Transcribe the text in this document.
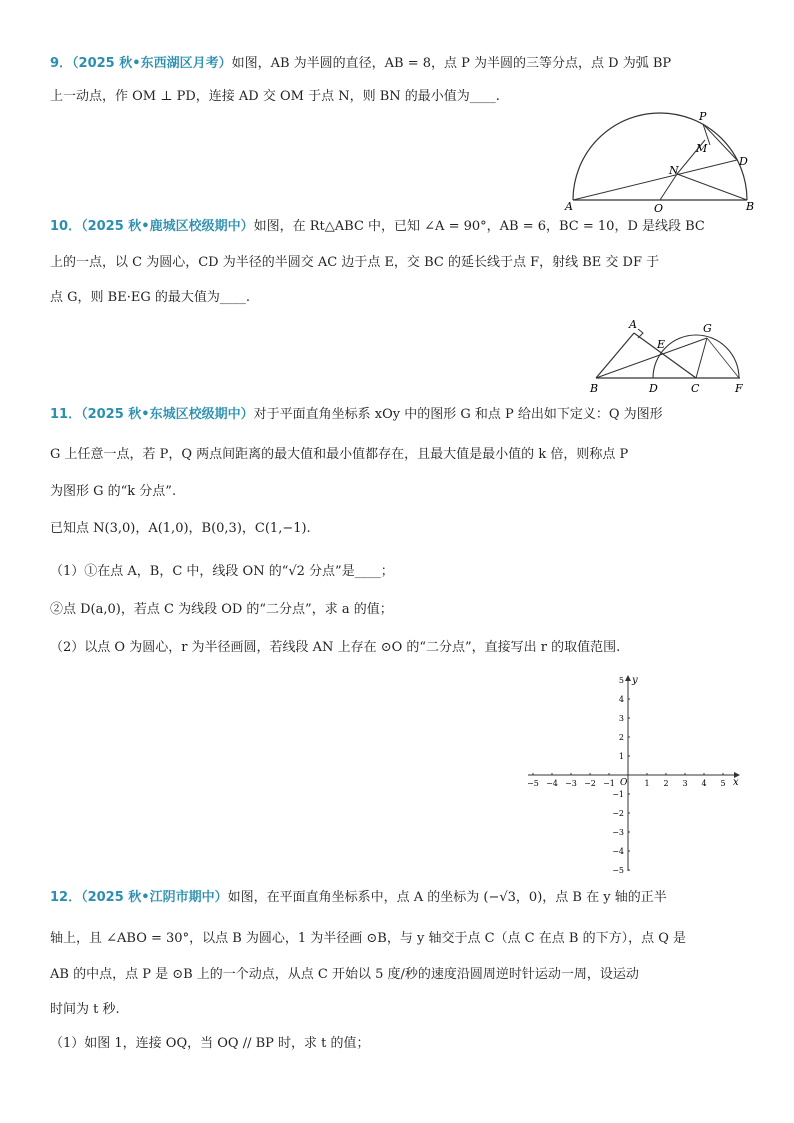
9．（2025 秋•东西湖区月考）如图，AB 为半圆的直径，AB = 8，点 P 为半圆的三等分点，点 D 为弧 BP
上一动点，作 OM ⊥ PD，连接 AD 交 OM 于点 N，则 BN 的最小值为____.
A	B
O
P
M
N
D
10．（2025 秋•鹿城区校级期中）如图，在 Rt△ABC 中，已知 ∠A = 90°，AB = 6，BC = 10，D 是线段 BC
上的一点，以 C 为圆心，CD 为半径的半圆交 AC 边于点 E，交 BC 的延长线于点 F，射线 BE 交 DF 于
点 G，则 BE·EG 的最大值为____.
A
B	C
D
E
F
G
11．（2025 秋•东城区校级期中）对于平面直角坐标系 xOy 中的图形 G 和点 P 给出如下定义：Q 为图形
G 上任意一点，若 P，Q 两点间距离的最大值和最小值都存在，且最大值是最小值的 k 倍，则称点 P
为图形 G 的“k 分点”.
已知点 N(3,0)，A(1,0)，B(0,3)，C(1,−1).
（1）①在点 A，B，C 中，线段 ON 的“√2 分点”是____；
②点 D(a,0)，若点 C 为线段 OD 的“二分点”，求 a 的值；
（2）以点 O 为圆心，r 为半径画圆，若线段 AN 上存在 ⊙O 的“二分点”，直接写出 r 的取值范围.
−5 −4 −3 −2 −1	1 2 3 4 5
5
4
3
2
1
−1
−2
−3
−4
−5
x
y
O
12．（2025 秋•江阴市期中）如图，在平面直角坐标系中，点 A 的坐标为 (−√3，0)，点 B 在 y 轴的正半
轴上，且 ∠ABO = 30°，以点 B 为圆心，1 为半径画 ⊙B，与 y 轴交于点 C（点 C 在点 B 的下方），点 Q 是
AB 的中点，点 P 是 ⊙B 上的一个动点，从点 C 开始以 5 度/秒的速度沿圆周逆时针运动一周，设运动
时间为 t 秒.
（1）如图 1，连接 OQ，当 OQ // BP 时，求 t 的值；
